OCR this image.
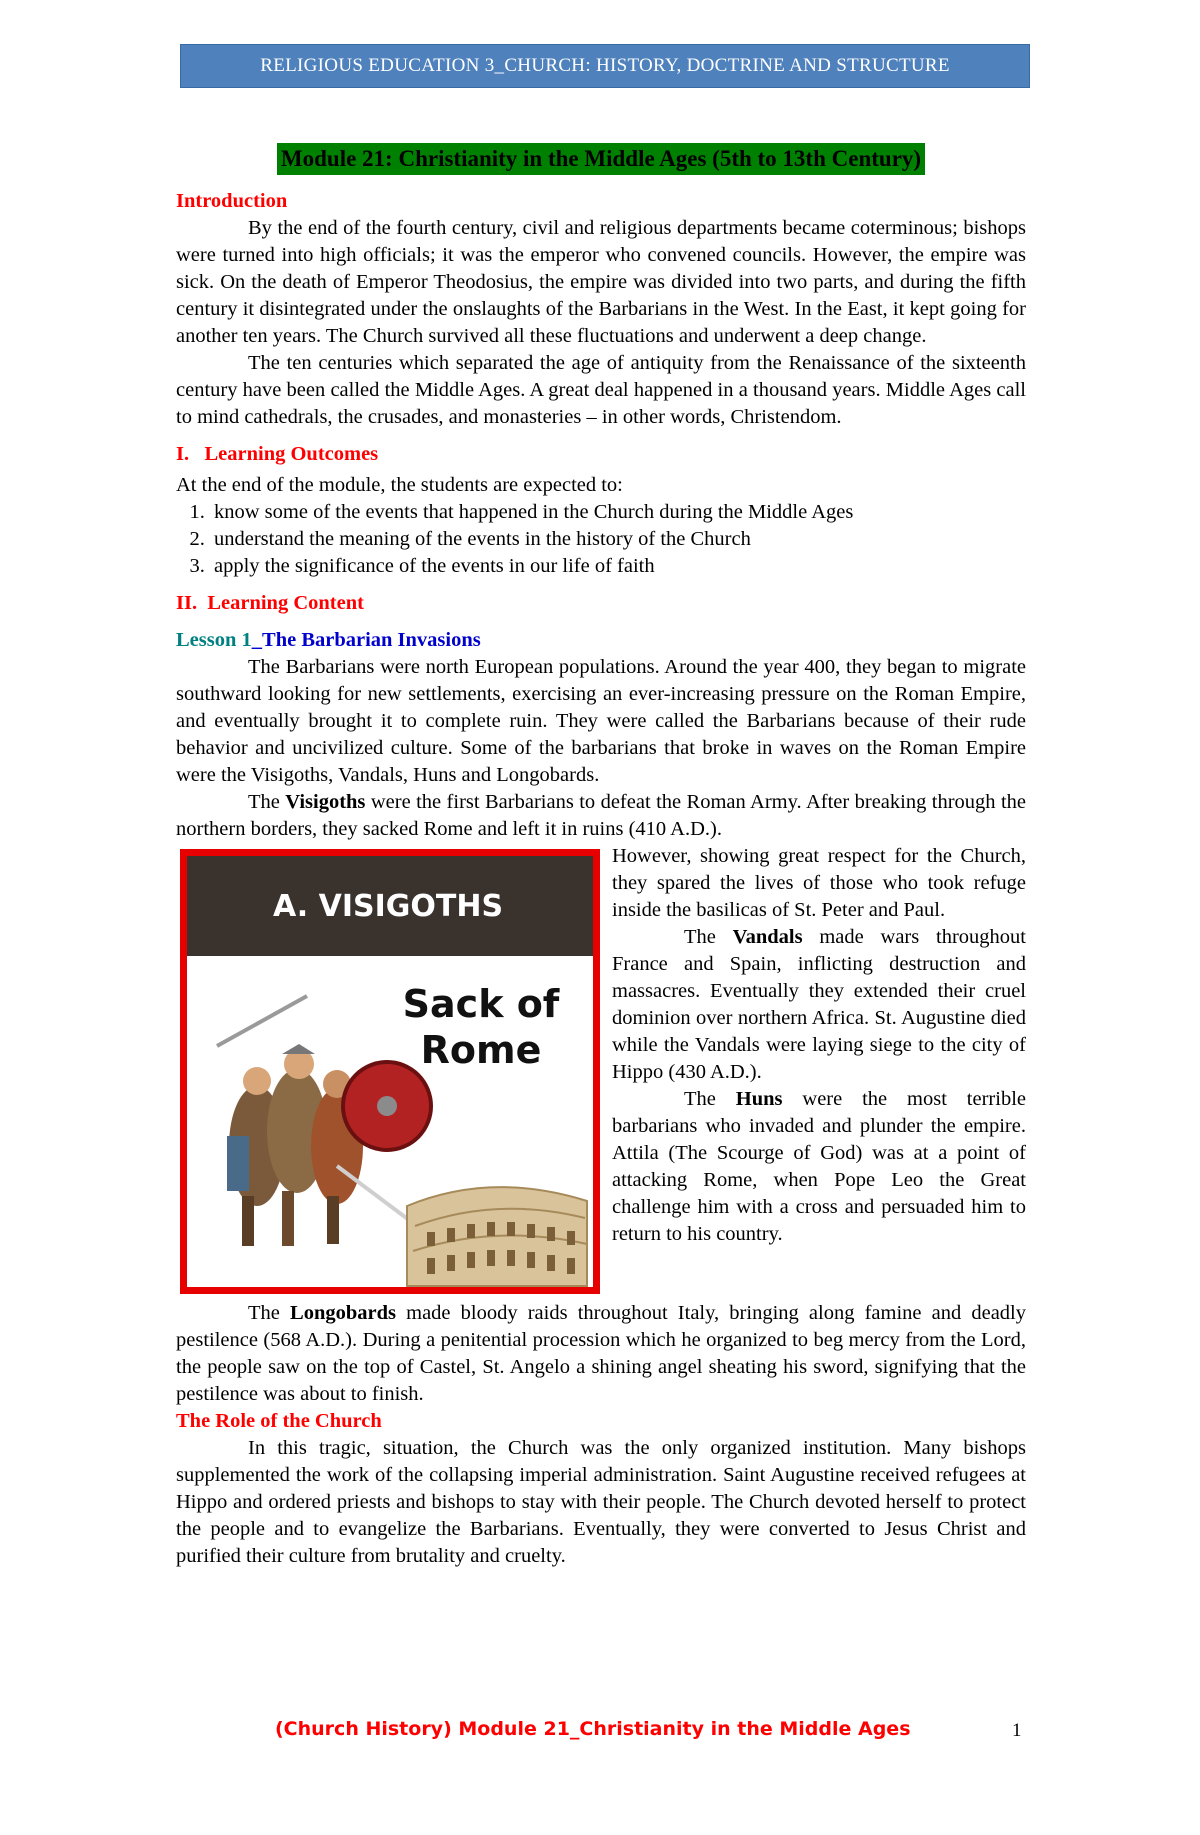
RELIGIOUS EDUCATION 3_CHURCH: HISTORY, DOCTRINE AND STRUCTURE
Module 21: Christianity in the Middle Ages (5th to 13th Century)

Introduction

By the end of the fourth century, civil and religious departments became coterminous; bishops were turned into high officials; it was the emperor who convened councils. However, the empire was sick. On the death of Emperor Theodosius, the empire was divided into two parts, and during the fifth century it disintegrated under the onslaughts of the Barbarians in the West. In the East, it kept going for another ten years. The Church survived all these fluctuations and underwent a deep change.

The ten centuries which separated the age of antiquity from the Renaissance of the sixteenth century have been called the Middle Ages. A great deal happened in a thousand years. Middle Ages call to mind cathedrals, the crusades, and monasteries – in other words, Christendom.

I.   Learning Outcomes

At the end of the module, the students are expected to:

1. know some of the events that happened in the Church during the Middle Ages
2. understand the meaning of the events in the history of the Church
3. apply the significance of the events in our life of faith

II.  Learning Content

Lesson 1_The Barbarian Invasions

The Barbarians were north European populations. Around the year 400, they began to migrate southward looking for new settlements, exercising an ever-increasing pressure on the Roman Empire, and eventually brought it to complete ruin. They were called the Barbarians because of their rude behavior and uncivilized culture. Some of the barbarians that broke in waves on the Roman Empire were the Visigoths, Vandals, Huns and Longobards.

The Visigoths were the first Barbarians to defeat the Roman Army. After breaking through the northern borders, they sacked Rome and left it in ruins (410 A.D.).

A. VISIGOTHS
Sack of Rome

However, showing great respect for the Church, they spared the lives of those who took refuge inside the basilicas of St. Peter and Paul.

The Vandals made wars throughout France and Spain, inflicting destruction and massacres. Eventually they extended their cruel dominion over northern Africa. St. Augustine died while the Vandals were laying siege to the city of Hippo (430 A.D.).

The Huns were the most terrible barbarians who invaded and plunder the empire. Attila (The Scourge of God) was at a point of attacking Rome, when Pope Leo the Great challenge him with a cross and persuaded him to return to his country.

The Longobards made bloody raids throughout Italy, bringing along famine and deadly pestilence (568 A.D.). During a penitential procession which he organized to beg mercy from the Lord, the people saw on the top of Castel, St. Angelo a shining angel sheating his sword, signifying that the pestilence was about to finish.

The Role of the Church

In this tragic, situation, the Church was the only organized institution. Many bishops supplemented the work of the collapsing imperial administration. Saint Augustine received refugees at Hippo and ordered priests and bishops to stay with their people. The Church devoted herself to protect the people and to evangelize the Barbarians. Eventually, they were converted to Jesus Christ and purified their culture from brutality and cruelty.

(Church History) Module 21_Christianity in the Middle Ages	1
